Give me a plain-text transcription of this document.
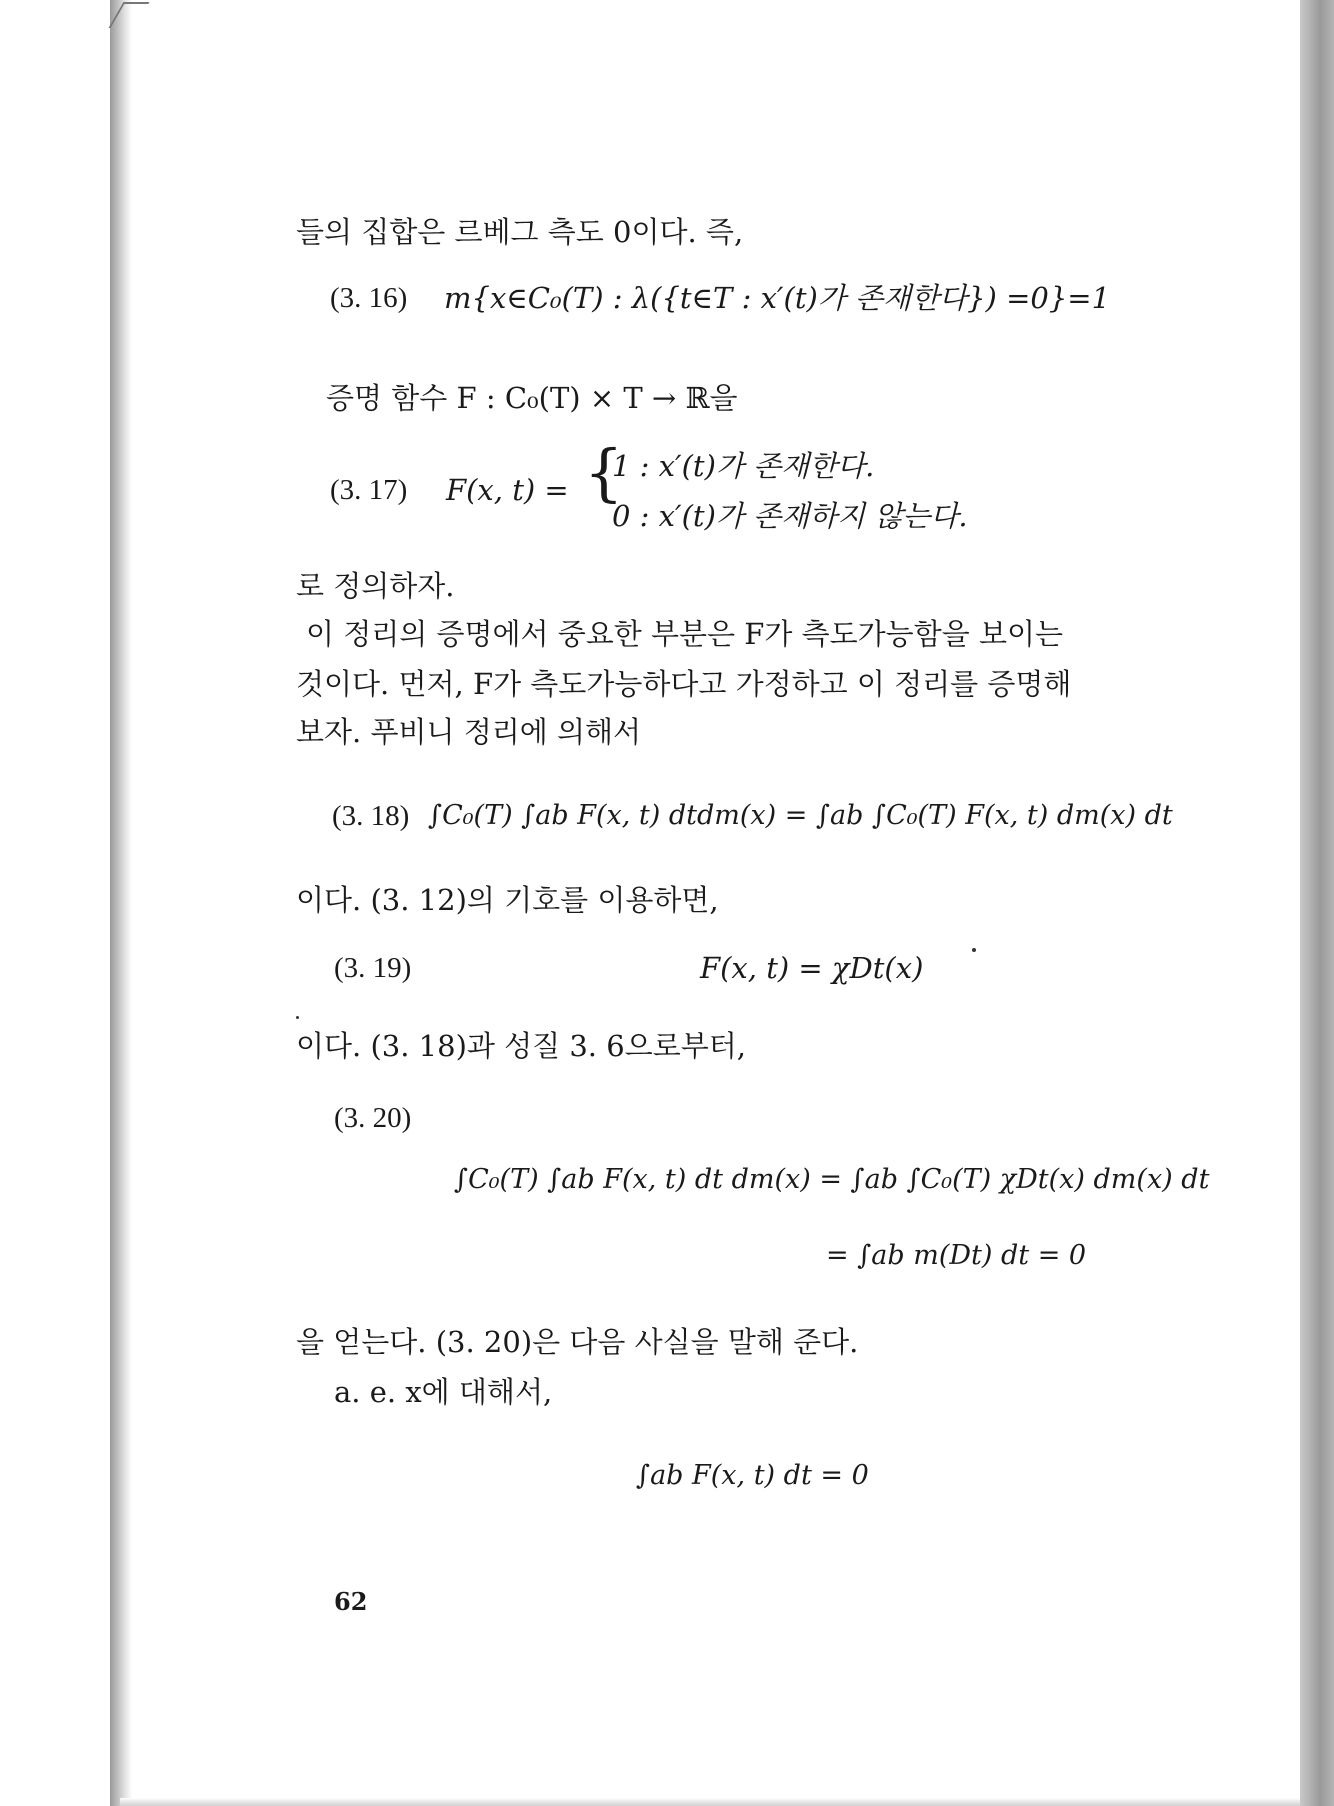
들의 집합은 르베그 측도 0이다. 즉,
(3. 16) m{x∈C₀(T) : λ({t∈T : x′(t)가 존재한다}) =0}=1
증명 함수 F : C₀(T) × T → ℝ을
(3. 17) F(x, t) = {
1 : x′(t)가 존재한다.
0 : x′(t)가 존재하지 않는다.
로 정의하자.
이 정리의 증명에서 중요한 부분은 F가 측도가능함을 보이는
것이다. 먼저, F가 측도가능하다고 가정하고 이 정리를 증명해
보자. 푸비니 정리에 의해서
(3. 18) ∫C₀(T) ∫ab F(x, t) dtdm(x) = ∫ab ∫C₀(T) F(x, t) dm(x) dt
이다. (3. 12)의 기호를 이용하면,
(3. 19)	F(x, t) = χDt(x)
이다. (3. 18)과 성질 3. 6으로부터,
(3. 20)
∫C₀(T) ∫ab F(x, t) dt dm(x) = ∫ab ∫C₀(T) χDt(x) dm(x) dt
= ∫ab m(Dt) dt = 0
을 얻는다. (3. 20)은 다음 사실을 말해 준다.
a. e. x에 대해서,
∫ab F(x, t) dt = 0
62
